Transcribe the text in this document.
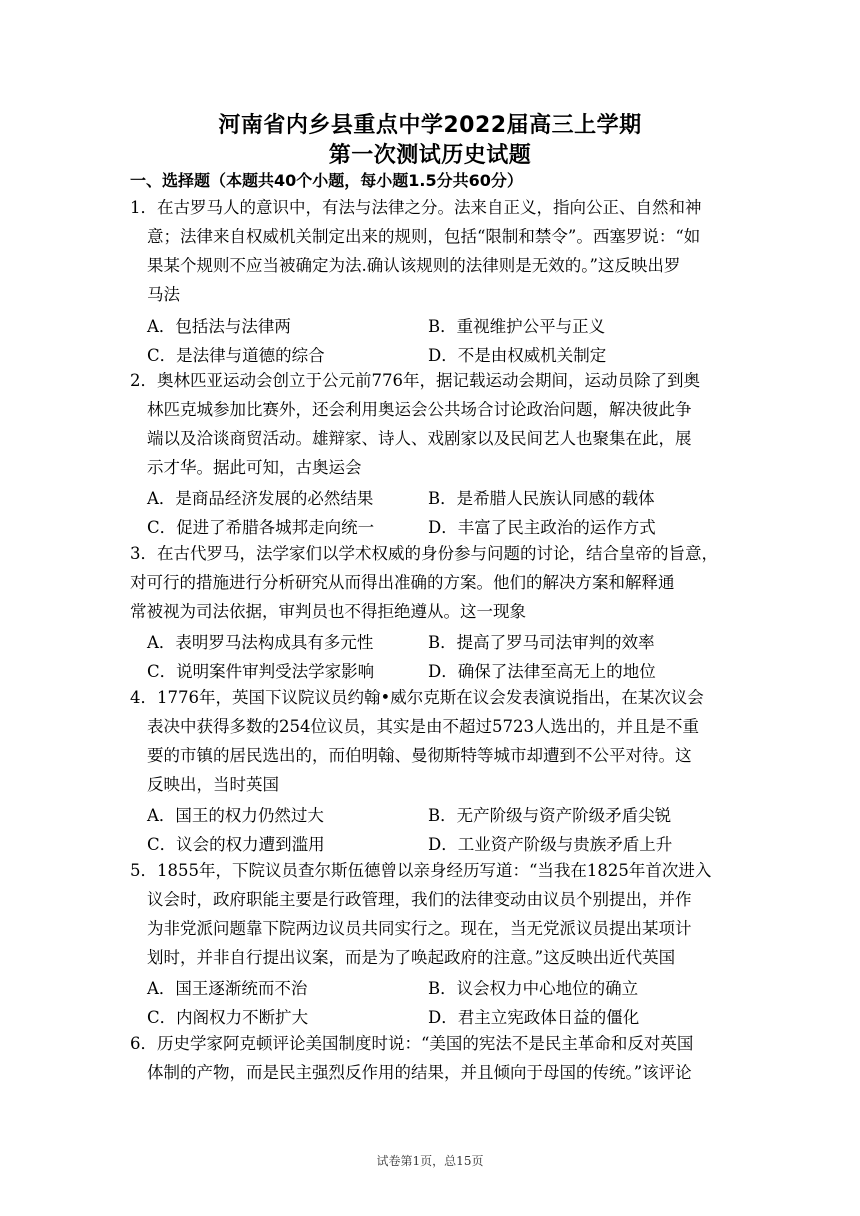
河南省内乡县重点中学2022届高三上学期
第一次测试历史试题
一、选择题（本题共40个小题，每小题1.5分共60分）
1．在古罗马人的意识中，有法与法律之分。法来自正义，指向公正、自然和神
意；法律来自权威机关制定出来的规则，包括“限制和禁令”。西塞罗说：“如
果某个规则不应当被确定为法.确认该规则的法律则是无效的。”这反映出罗
马法
A．包括法与法律两	B．重视维护公平与正义
C．是法律与道德的综合	D．不是由权威机关制定
2．奥林匹亚运动会创立于公元前776年，据记载运动会期间，运动员除了到奥
林匹克城参加比赛外，还会利用奥运会公共场合讨论政治问题，解决彼此争
端以及洽谈商贸活动。雄辩家、诗人、戏剧家以及民间艺人也聚集在此，展
示才华。据此可知，古奥运会
A．是商品经济发展的必然结果	B．是希腊人民族认同感的载体
C．促进了希腊各城邦走向统一	D．丰富了民主政治的运作方式
3．在古代罗马，法学家们以学术权威的身份参与问题的讨论，结合皇帝的旨意，
对可行的措施进行分析研究从而得出准确的方案。他们的解决方案和解释通
常被视为司法依据，审判员也不得拒绝遵从。这一现象
A．表明罗马法构成具有多元性	B．提高了罗马司法审判的效率
C．说明案件审判受法学家影响	D．确保了法律至高无上的地位
4．1776年，英国下议院议员约翰•威尔克斯在议会发表演说指出，在某次议会
表决中获得多数的254位议员，其实是由不超过5723人选出的，并且是不重
要的市镇的居民选出的，而伯明翰、曼彻斯特等城市却遭到不公平对待。这
反映出，当时英国
A．国王的权力仍然过大	B．无产阶级与资产阶级矛盾尖锐
C．议会的权力遭到滥用	D．工业资产阶级与贵族矛盾上升
5．1855年，下院议员查尔斯伍德曾以亲身经历写道：“当我在1825年首次进入
议会时，政府职能主要是行政管理，我们的法律变动由议员个别提出，并作
为非党派问题靠下院两边议员共同实行之。现在，当无党派议员提出某项计
划时，并非自行提出议案，而是为了唤起政府的注意。”这反映出近代英国
A．国王逐渐统而不治	B．议会权力中心地位的确立
C．内阁权力不断扩大	D．君主立宪政体日益的僵化
6．历史学家阿克顿评论美国制度时说：“美国的宪法不是民主革命和反对英国
体制的产物，而是民主强烈反作用的结果，并且倾向于母国的传统。”该评论
试卷第1页，总15页
